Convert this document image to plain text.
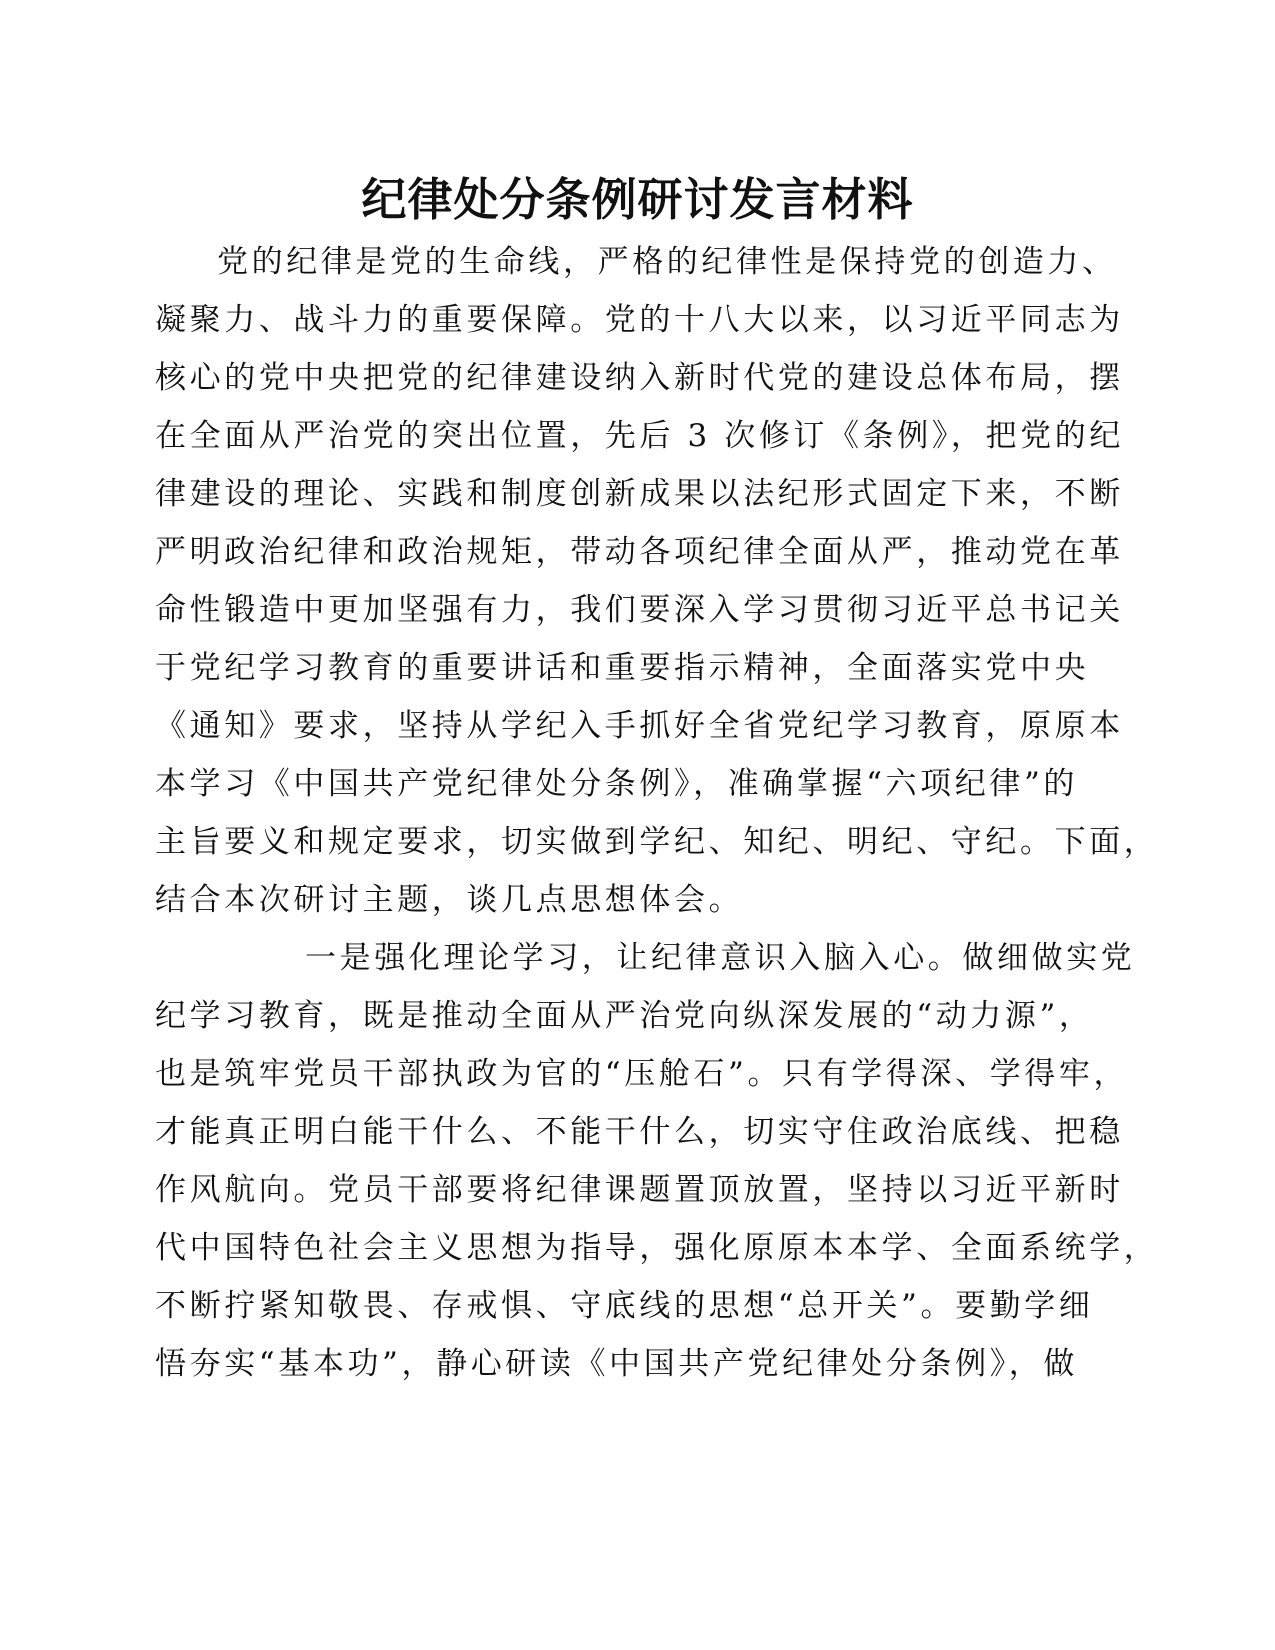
纪律处分条例研讨发言材料
党的纪律是党的生命线，严格的纪律性是保持党的创造力、
凝聚力、战斗力的重要保障。党的十八大以来，以习近平同志为
核心的党中央把党的纪律建设纳入新时代党的建设总体布局，摆
在全面从严治党的突出位置，先后 3 次修订《条例》，把党的纪
律建设的理论、实践和制度创新成果以法纪形式固定下来，不断
严明政治纪律和政治规矩，带动各项纪律全面从严，推动党在革
命性锻造中更加坚强有力，我们要深入学习贯彻习近平总书记关
于党纪学习教育的重要讲话和重要指示精神，全面落实党中央
《通知》要求，坚持从学纪入手抓好全省党纪学习教育，原原本
本学习《中国共产党纪律处分条例》，准确掌握“六项纪律”的
主旨要义和规定要求，切实做到学纪、知纪、明纪、守纪。下面，
结合本次研讨主题，谈几点思想体会。
一是强化理论学习，让纪律意识入脑入心。做细做实党
纪学习教育，既是推动全面从严治党向纵深发展的“动力源”，
也是筑牢党员干部执政为官的“压舱石”。只有学得深、学得牢，
才能真正明白能干什么、不能干什么，切实守住政治底线、把稳
作风航向。党员干部要将纪律课题置顶放置，坚持以习近平新时
代中国特色社会主义思想为指导，强化原原本本学、全面系统学，
不断拧紧知敬畏、存戒惧、守底线的思想“总开关”。要勤学细
悟夯实“基本功”，静心研读《中国共产党纪律处分条例》，做
